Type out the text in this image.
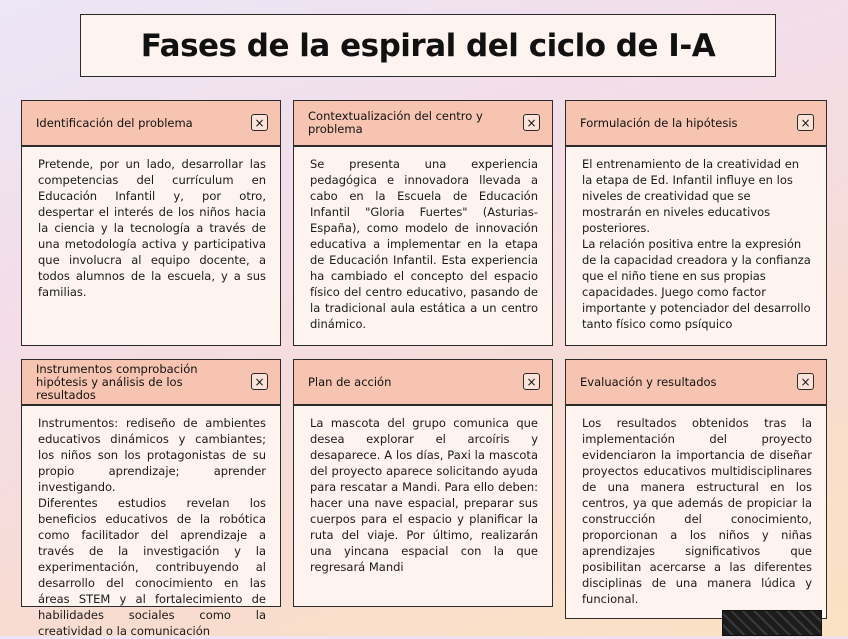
Fases de la espiral del ciclo de I-A
Identificación del problema	×

Pretende, por un lado, desarrollar las competencias del currículum en Educación Infantil y, por otro, despertar el interés de los niños hacia la ciencia y la tecnología a través de una metodología activa y participativa que involucra al equipo docente, a todos alumnos de la escuela, y a sus familias.

Contextualización del centro y problema	×

Se presenta una experiencia pedagógica e innovadora llevada a cabo en la Escuela de Educación Infantil "Gloria Fuertes" (Asturias-España), como modelo de innovación educativa a implementar en la etapa de Educación Infantil. Esta experiencia ha cambiado el concepto del espacio físico del centro educativo, pasando de la tradicional aula estática a un centro dinámico.

Formulación de la hipótesis	×

El entrenamiento de la creatividad en la etapa de Ed. Infantil influye en los niveles de creatividad que se mostrarán en niveles educativos posteriores.
La relación positiva entre la expresión de la capacidad creadora y la confianza que el niño tiene en sus propias capacidades. Juego como factor importante y potenciador del desarrollo tanto físico como psíquico

Instrumentos comprobación hipótesis y análisis de los resultados
×

Instrumentos: rediseño de ambientes educativos dinámicos y cambiantes; los niños son los protagonistas de su propio aprendizaje; aprender investigando.
Diferentes estudios revelan los beneficios educativos de la robótica como facilitador del aprendizaje a través de la investigación y la experimentación, contribuyendo al desarrollo del conocimiento en las áreas STEM y al fortalecimiento de habilidades sociales como la creatividad o la comunicación

Plan de acción	×

La mascota del grupo comunica que desea explorar el arcoíris y desaparece. A los días, Paxi la mascota del proyecto aparece solicitando ayuda para rescatar a Mandi. Para ello deben: hacer una nave espacial, preparar sus cuerpos para el espacio y planificar la ruta del viaje. Por último, realizarán una yincana espacial con la que regresará Mandi

Evaluación y resultados	×

Los resultados obtenidos tras la implementación del proyecto evidenciaron la importancia de diseñar proyectos educativos multidisciplinares de una manera estructural en los centros, ya que además de propiciar la construcción del conocimiento, proporcionan a los niños y niñas aprendizajes significativos que posibilitan acercarse a las diferentes disciplinas de una manera lúdica y funcional.
